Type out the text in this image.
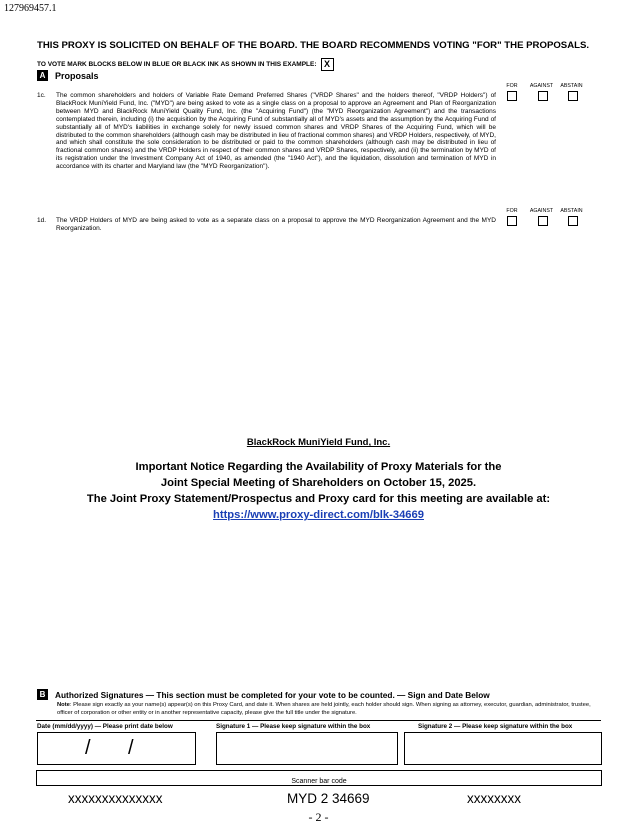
127969457.1
THIS PROXY IS SOLICITED ON BEHALF OF THE BOARD. THE BOARD RECOMMENDS VOTING "FOR" THE PROPOSALS.
TO VOTE MARK BLOCKS BELOW IN BLUE OR BLACK INK AS SHOWN IN THIS EXAMPLE: X
A Proposals
FOR	AGAINST	ABSTAIN
1c. The common shareholders and holders of Variable Rate Demand Preferred Shares ("VRDP Shares" and the holders thereof, "VRDP Holders") of BlackRock MuniYield Fund, Inc. ("MYD") are being asked to vote as a single class on a proposal to approve an Agreement and Plan of Reorganization between MYD and BlackRock MuniYield Quality Fund, Inc. (the "Acquiring Fund") (the "MYD Reorganization Agreement") and the transactions contemplated therein, including (i) the acquisition by the Acquiring Fund of substantially all of MYD's assets and the assumption by the Acquiring Fund of substantially all of MYD's liabilities in exchange solely for newly issued common shares and VRDP Shares of the Acquiring Fund, which will be distributed to the common shareholders (although cash may be distributed in lieu of fractional common shares) and VRDP Holders, respectively, of MYD, and which shall constitute the sole consideration to be distributed or paid to the common shareholders (although cash may be distributed in lieu of fractional common shares) and the VRDP Holders in respect of their common shares and VRDP Shares, respectively, and (ii) the termination by MYD of its registration under the Investment Company Act of 1940, as amended (the "1940 Act"), and the liquidation, dissolution and termination of MYD in accordance with its charter and Maryland law (the "MYD Reorganization").
FOR	AGAINST	ABSTAIN
1d. The VRDP Holders of MYD are being asked to vote as a separate class on a proposal to approve the MYD Reorganization Agreement and the MYD Reorganization.
BlackRock MuniYield Fund, Inc.
Important Notice Regarding the Availability of Proxy Materials for the
Joint Special Meeting of Shareholders on October 15, 2025.
The Joint Proxy Statement/Prospectus and Proxy card for this meeting are available at:
https://www.proxy-direct.com/blk-34669
B	Authorized Signatures — This section must be completed for your vote to be counted. — Sign and Date Below
Note: Please sign exactly as your name(s) appear(s) on this Proxy Card, and date it. When shares are held jointly, each holder should sign. When signing as attorney, executor, guardian, administrator, trustee, officer of corporation or other entity or in another representative capacity, please give the full title under the signature.
Date (mm/dd/yyyy) — Please print date below
/ /
Signature 1 — Please keep signature within the box	Signature 2 — Please keep signature within the box
Scanner bar code
xxxxxxxxxxxxxx	MYD 2 34669	xxxxxxxx
- 2 -
